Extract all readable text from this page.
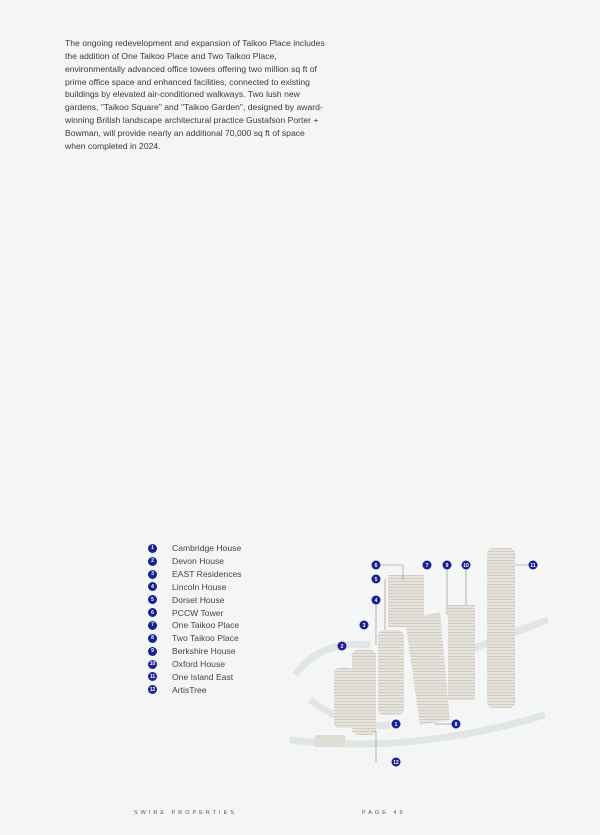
The ongoing redevelopment and expansion of Taikoo Place includes the addition of One Taikoo Place and Two Taikoo Place, environmentally advanced office towers offering two million sq ft of prime office space and enhanced facilities, connected to existing buildings by elevated air-conditioned walkways. Two lush new gardens, "Taikoo Square" and "Taikoo Garden", designed by award-winning British landscape architectural practice Gustafson Porter + Bowman, will provide nearly an additional 70,000 sq ft of space when completed in 2024.
1	Cambridge House
2	Devon House
3	EAST Residences
4	Lincoln House
5	Dorset House
6	PCCW Tower
7	One Taikoo Place
8	Two Taikoo Place
9	Berkshire House
10 Oxford House
11 One Island East
12 ArtisTree
1
2
3
4
5
6	7
8
9	10	11
12
SWIRE PROPERTIES	PAGE 49
